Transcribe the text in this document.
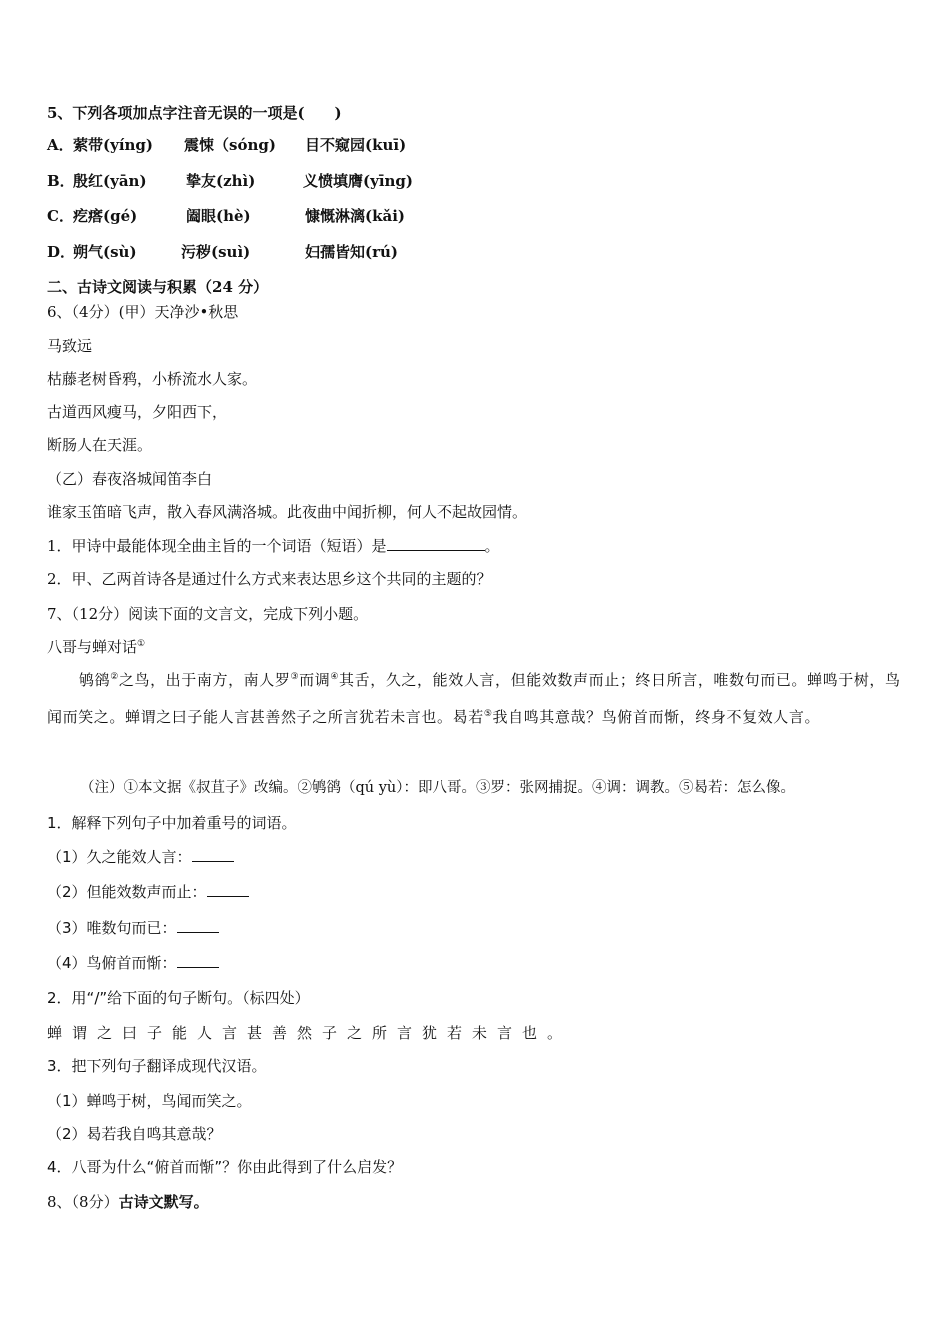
5、下列各项加点字注音无误的一项是(　　)
A． 萦带(yíng) 震悚（sóng) 目不窥园(kuī)
B．
殷红(yān)	挚友(zhì)	义愤填膺(yīng)
C． 疙瘩(gé)	阖眼(hè)	慷慨淋漓(kǎi)
D．
朔气(sù)	污秽(suì)	妇孺皆知(rú)
二、古诗文阅读与积累（24 分）
6、（4分）(甲）天净沙•秋思
马致远
枯藤老树昏鸦，小桥流水人家。
古道西风瘦马，夕阳西下，
断肠人在天涯。
（乙）春夜洛城闻笛李白
谁家玉笛暗飞声，散入春风满洛城。此夜曲中闻折柳，何人不起故园情。
1．甲诗中最能体现全曲主旨的一个词语（短语）是	。
2．甲、乙两首诗各是通过什么方式来表达思乡这个共同的主题的？
7、（12分）阅读下面的文言文，完成下列小题。
八哥与蝉对话①
鸲鹆②之鸟，出于南方，南人罗③而调④其舌，久之，能效人言，但能效数声而止；终日所言，唯数句而已。蝉鸣于树，鸟闻而笑之。蝉谓之曰子能人言甚善然子之所言犹若未言也。曷若⑤我自鸣其意哉？鸟俯首而惭，终身不复效人言。
（注）①本文据《叔苴子》改编。②鸲鹆（qú yù）：即八哥。③罗：张网捕捉。④调：调教。⑤曷若：怎么像。
1．解释下列句子中加着重号的词语。
（1）久之能效人言：
（2）但能效数声而止：
（3）唯数句而已：
（4）鸟俯首而惭：
2．用“/”给下面的句子断句。（标四处）
蝉谓之曰子能人言甚善然子之所言犹若未言也。
3．把下列句子翻译成现代汉语。
（1）蝉鸣于树，鸟闻而笑之。
（2）曷若我自鸣其意哉？
4．八哥为什么“俯首而惭”？你由此得到了什么启发？
8、（8分）古诗文默写。
